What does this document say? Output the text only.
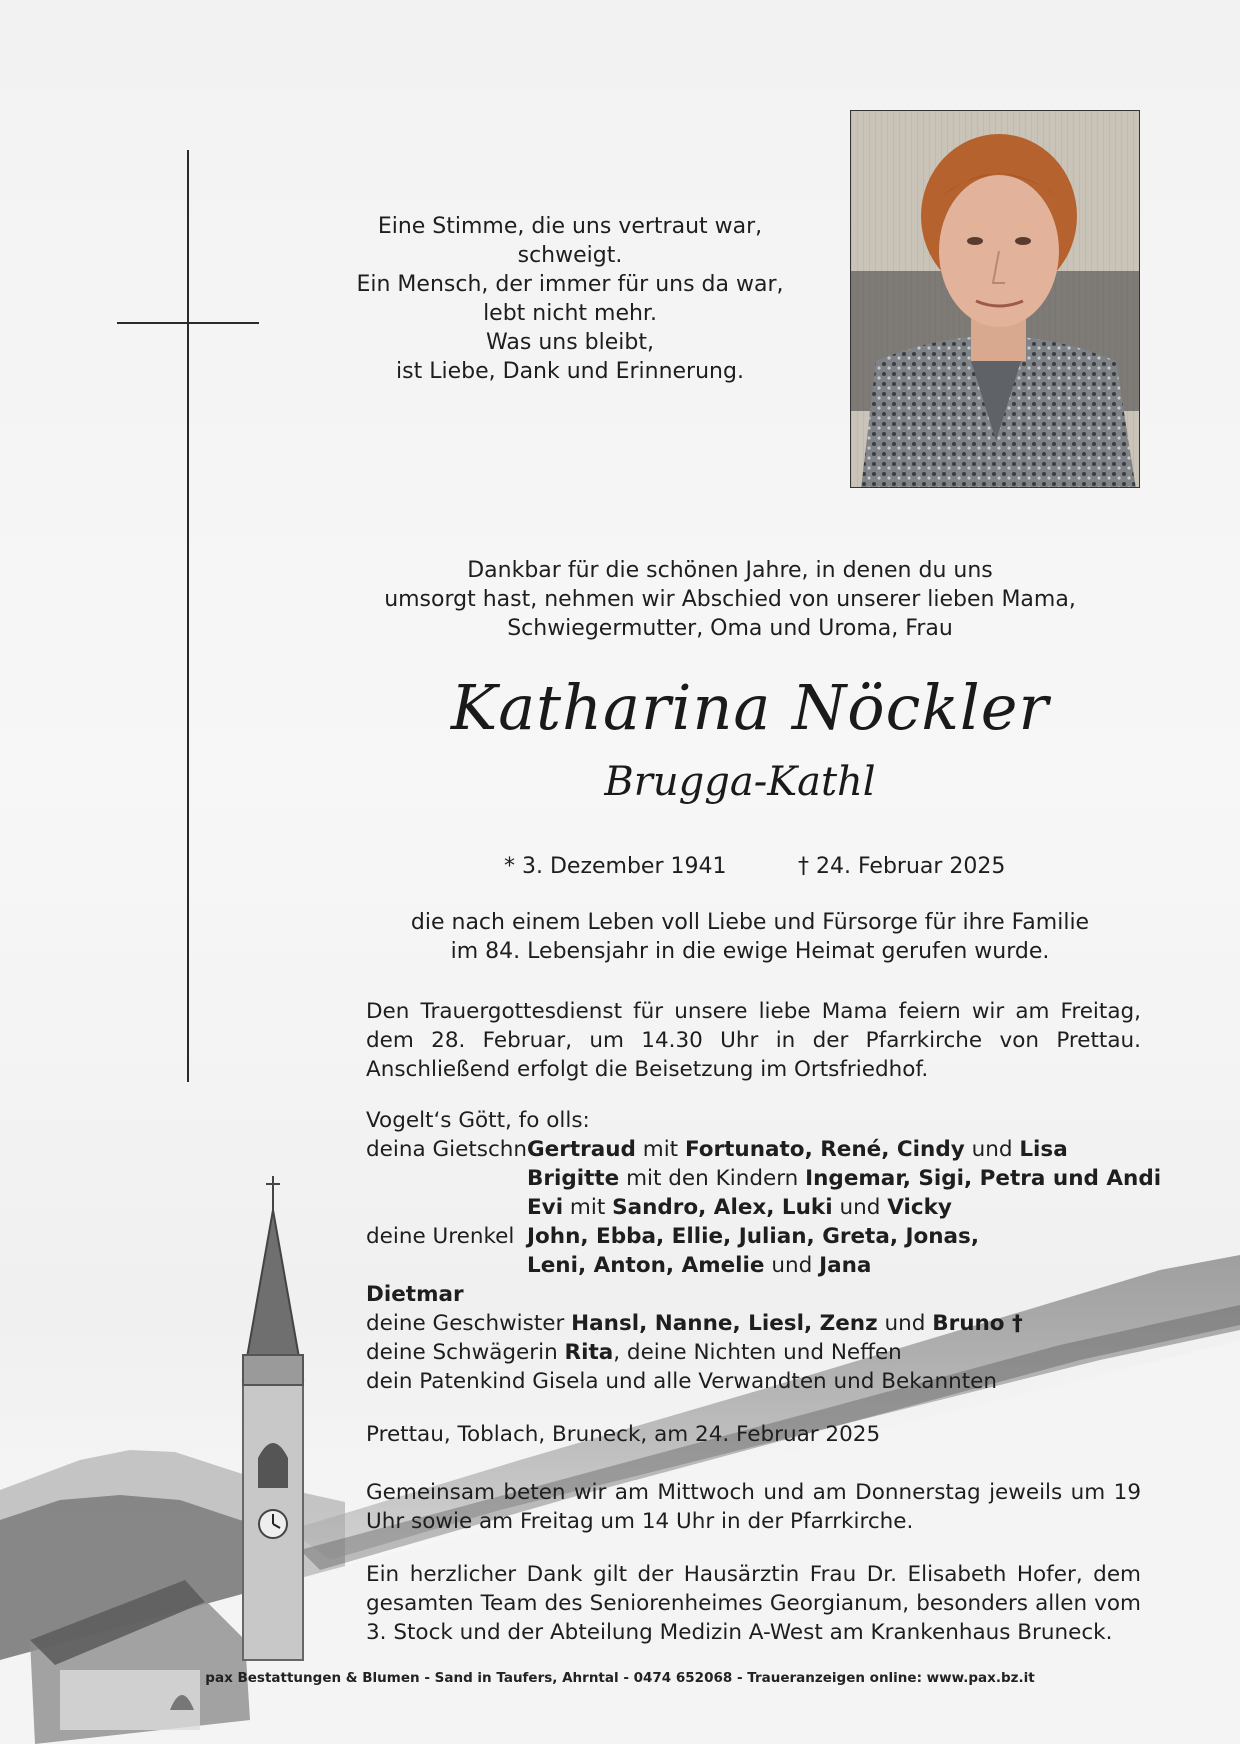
Eine Stimme, die uns vertraut war,
schweigt.
Ein Mensch, der immer für uns da war,
lebt nicht mehr.
Was uns bleibt,
ist Liebe, Dank und Erinnerung.
Dankbar für die schönen Jahre, in denen du uns
umsorgt hast, nehmen wir Abschied von unserer lieben Mama,
Schwiegermutter, Oma und Uroma, Frau
Katharina Nöckler
Brugga-Kathl
* 3. Dezember 1941	† 24. Februar 2025
die nach einem Leben voll Liebe und Fürsorge für ihre Familie
im 84. Lebensjahr in die ewige Heimat gerufen wurde.
Den Trauergottesdienst für unsere liebe Mama feiern wir am Freitag, dem 28. Februar, um 14.30 Uhr in der Pfarrkirche von Prettau. Anschließend erfolgt die Beisetzung im Ortsfriedhof.
Vogelt‘s Gött, fo olls:
deina Gietschn Gertraud mit Fortunato, René, Cindy und Lisa
Brigitte mit den Kindern Ingemar, Sigi, Petra und Andi
Evi mit Sandro, Alex, Luki und Vicky
deine Urenkel John, Ebba, Ellie, Julian, Greta, Jonas,
Leni, Anton, Amelie und Jana
Dietmar
deine Geschwister Hansl, Nanne, Liesl, Zenz und Bruno †
deine Schwägerin Rita , deine Nichten und Neffen
dein Patenkind Gisela und alle Verwandten und Bekannten
Prettau, Toblach, Bruneck, am 24. Februar 2025
Gemeinsam beten wir am Mittwoch und am Donnerstag jeweils um 19 Uhr sowie am Freitag um 14 Uhr in der Pfarrkirche.
Ein herzlicher Dank gilt der Hausärztin Frau Dr. Elisabeth Hofer, dem gesamten Team des Seniorenheimes Georgianum, besonders allen vom 3. Stock und der Abteilung Medizin A-West am Krankenhaus Bruneck.
pax Bestattungen & Blumen - Sand in Taufers, Ahrntal - 0474 652068 - Traueranzeigen online: www.pax.bz.it
